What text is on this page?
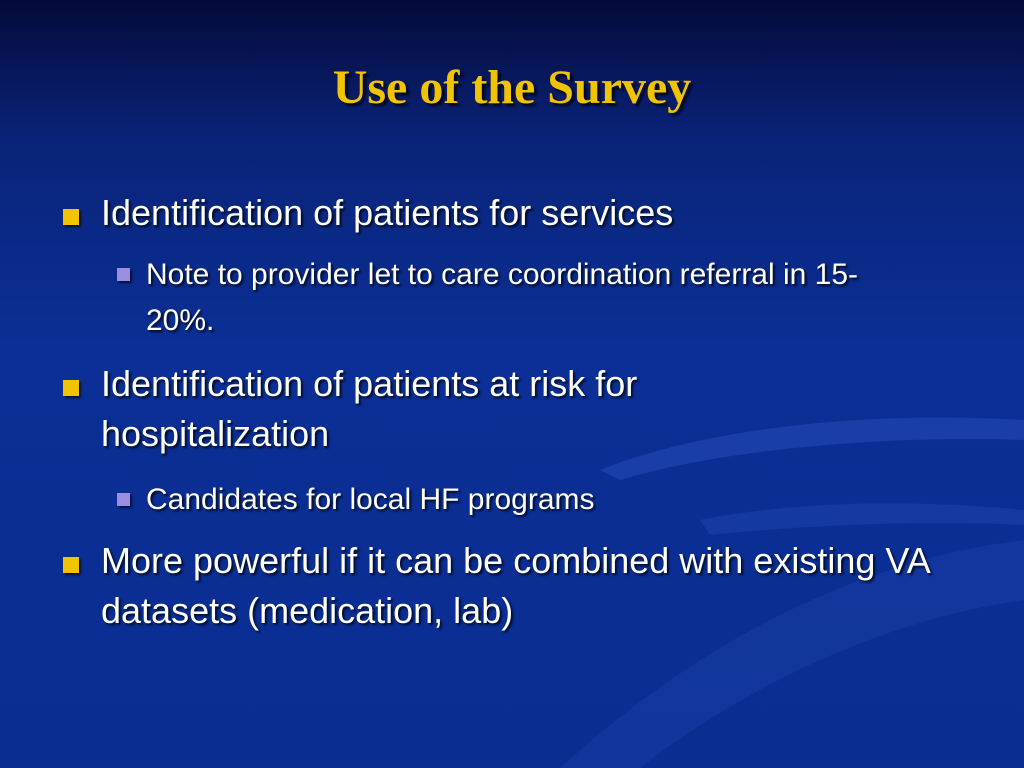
Use of the Survey
Identification of patients for services
Note to provider let to care coordination referral in 15-20%.
Identification of patients at risk for hospitalization
Candidates for local HF programs
More powerful if it can be combined with existing VA datasets (medication, lab)
